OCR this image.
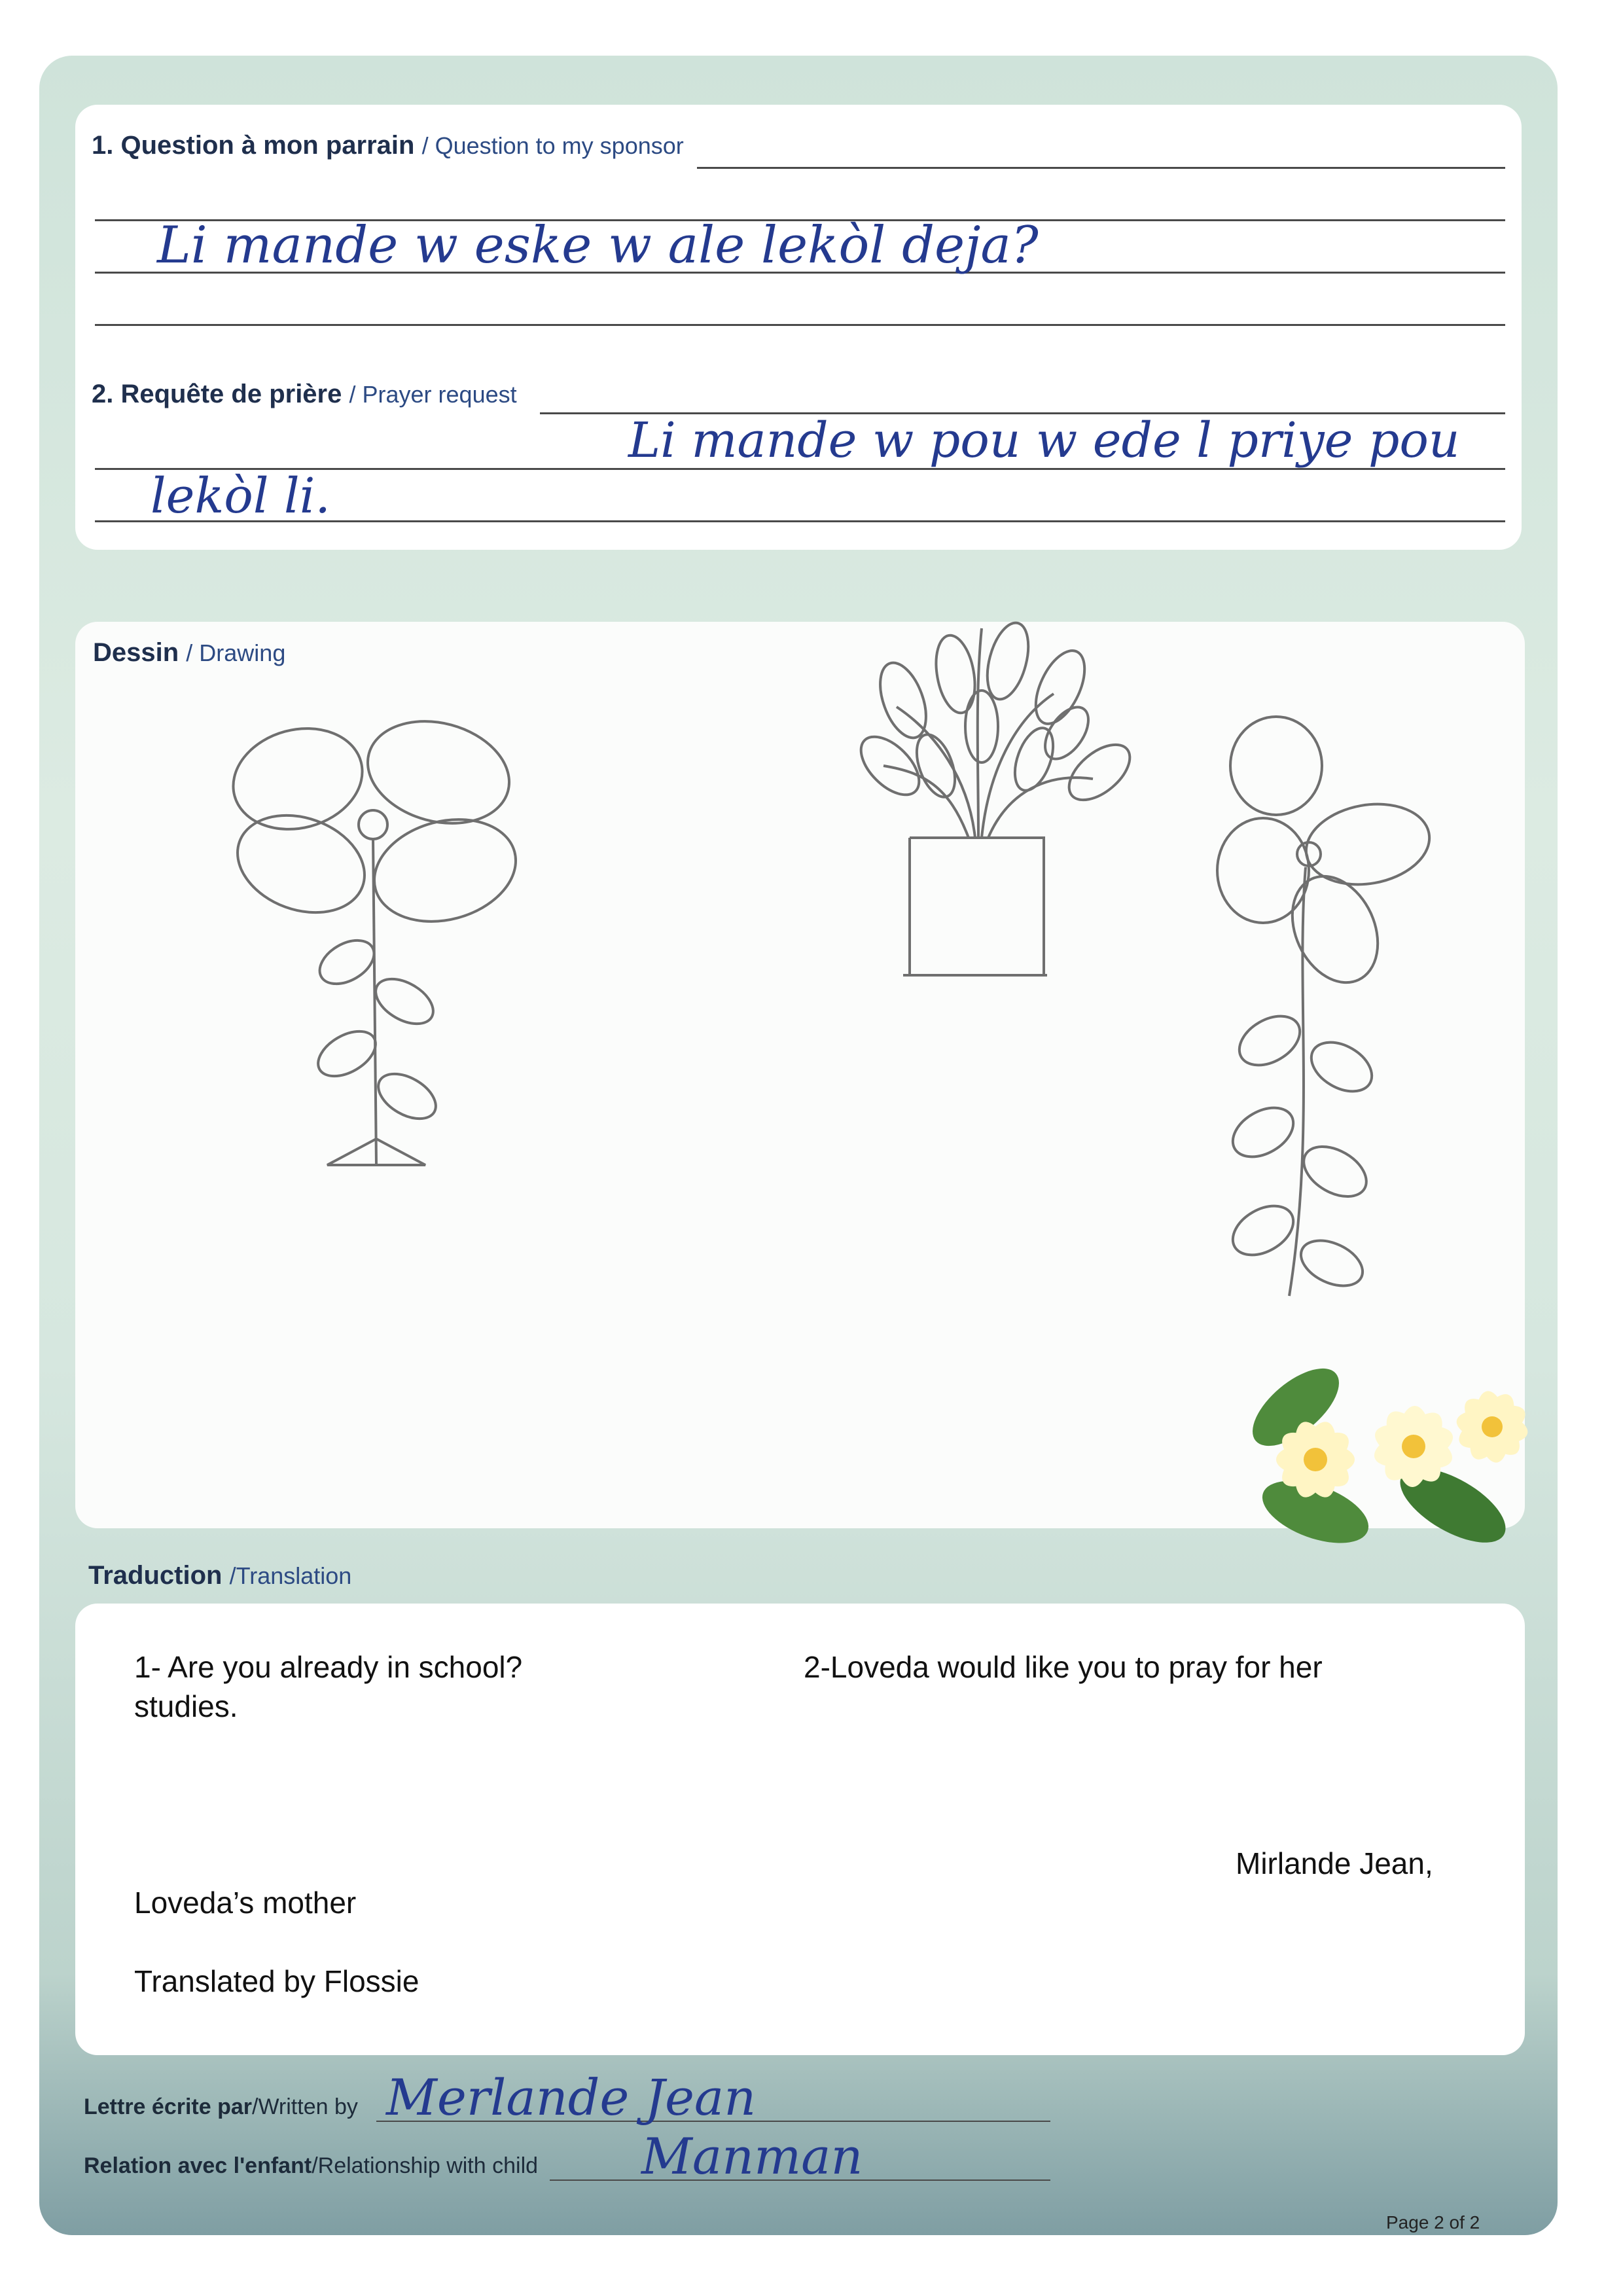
1. Question à mon parrain / Question to my sponsor
Li mande w eske w ale lekòl deja?
2. Requête de prière / Prayer request
Li mande w pou w ede l priye pou
lekòl li.
Dessin / Drawing
Traduction /Translation
1- Are you already in school?
studies.
2-Loveda would like you to pray for her
Mirlande Jean,
Loveda’s mother
Translated by Flossie
Lettre écrite par/Written by Merlande Jean
Relation avec l'enfant/Relationship with child Manman
Page 2 of 2
